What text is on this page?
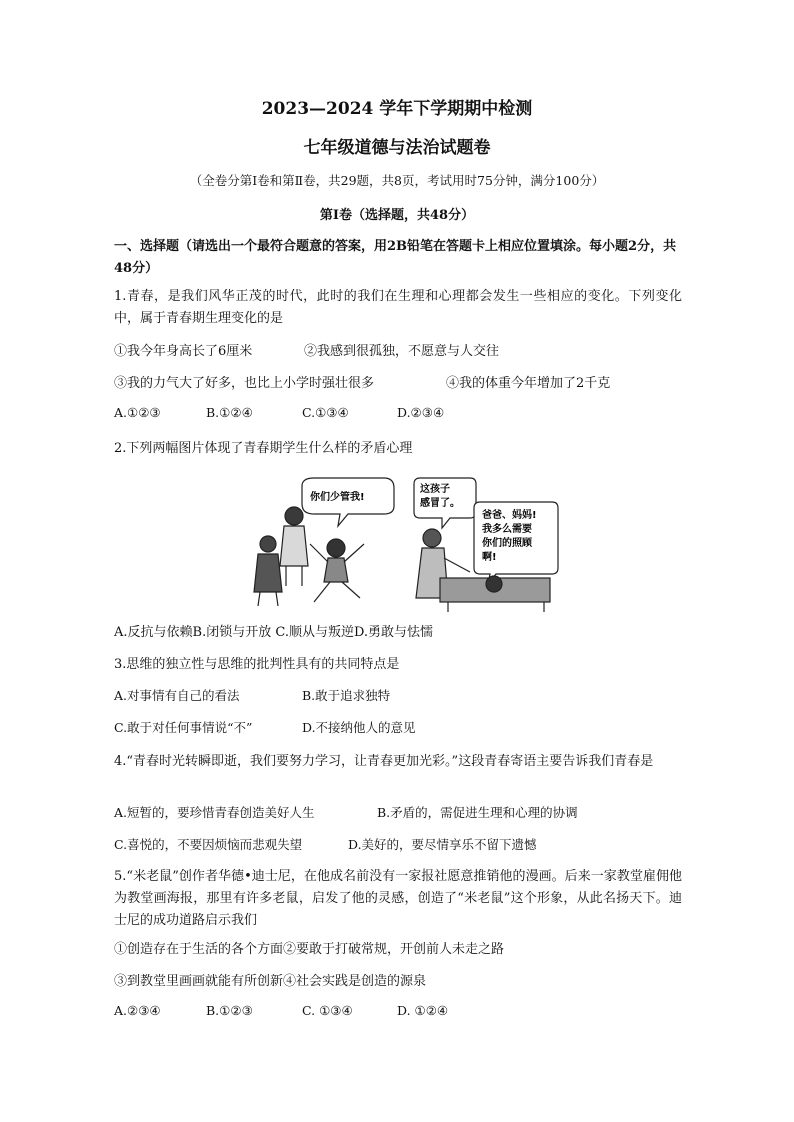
2023—2024 学年下学期期中检测
七年级道德与法治试题卷
（全卷分第Ⅰ卷和第Ⅱ卷，共29题，共8页，考试用时75分钟，满分100分）
第Ⅰ卷（选择题，共48分）
一、选择题（请选出一个最符合题意的答案，用2B铅笔在答题卡上相应位置填涂。每小题2分，共48分）
1.青春，是我们风华正茂的时代，此时的我们在生理和心理都会发生一些相应的变化。下列变化中，属于青春期生理变化的是
①我今年身高长了6厘米	②我感到很孤独，不愿意与人交往
③我的力气大了好多，也比上小学时强壮很多	④我的体重今年增加了2千克
A.①②③	B.①②④	C.①③④	D.②③④
2.下列两幅图片体现了青春期学生什么样的矛盾心理
你们少管我!
这孩子
感冒了。
爸爸、妈妈!
我多么需要
你们的照顾
啊!
A.反抗与依赖B.闭锁与开放 C.顺从与叛逆D.勇敢与怯懦
3.思维的独立性与思维的批判性具有的共同特点是
A.对事情有自己的看法	B.敢于追求独特
C.敢于对任何事情说“不”	D.不接纳他人的意见
4.“青春时光转瞬即逝，我们要努力学习，让青春更加光彩。”这段青春寄语主要告诉我们青春是
A.短暂的，要珍惜青春创造美好人生	B.矛盾的，需促进生理和心理的协调
C.喜悦的，不要因烦恼而悲观失望	D.美好的，要尽情享乐不留下遗憾
5.“米老鼠”创作者华德•迪士尼，在他成名前没有一家报社愿意推销他的漫画。后来一家教堂雇佣他为教堂画海报，那里有许多老鼠，启发了他的灵感，创造了“米老鼠”这个形象，从此名扬天下。迪士尼的成功道路启示我们
①创造存在于生活的各个方面②要敢于打破常规，开创前人未走之路
③到教堂里画画就能有所创新④社会实践是创造的源泉
A.②③④	B.①②③	C. ①③④	D. ①②④
